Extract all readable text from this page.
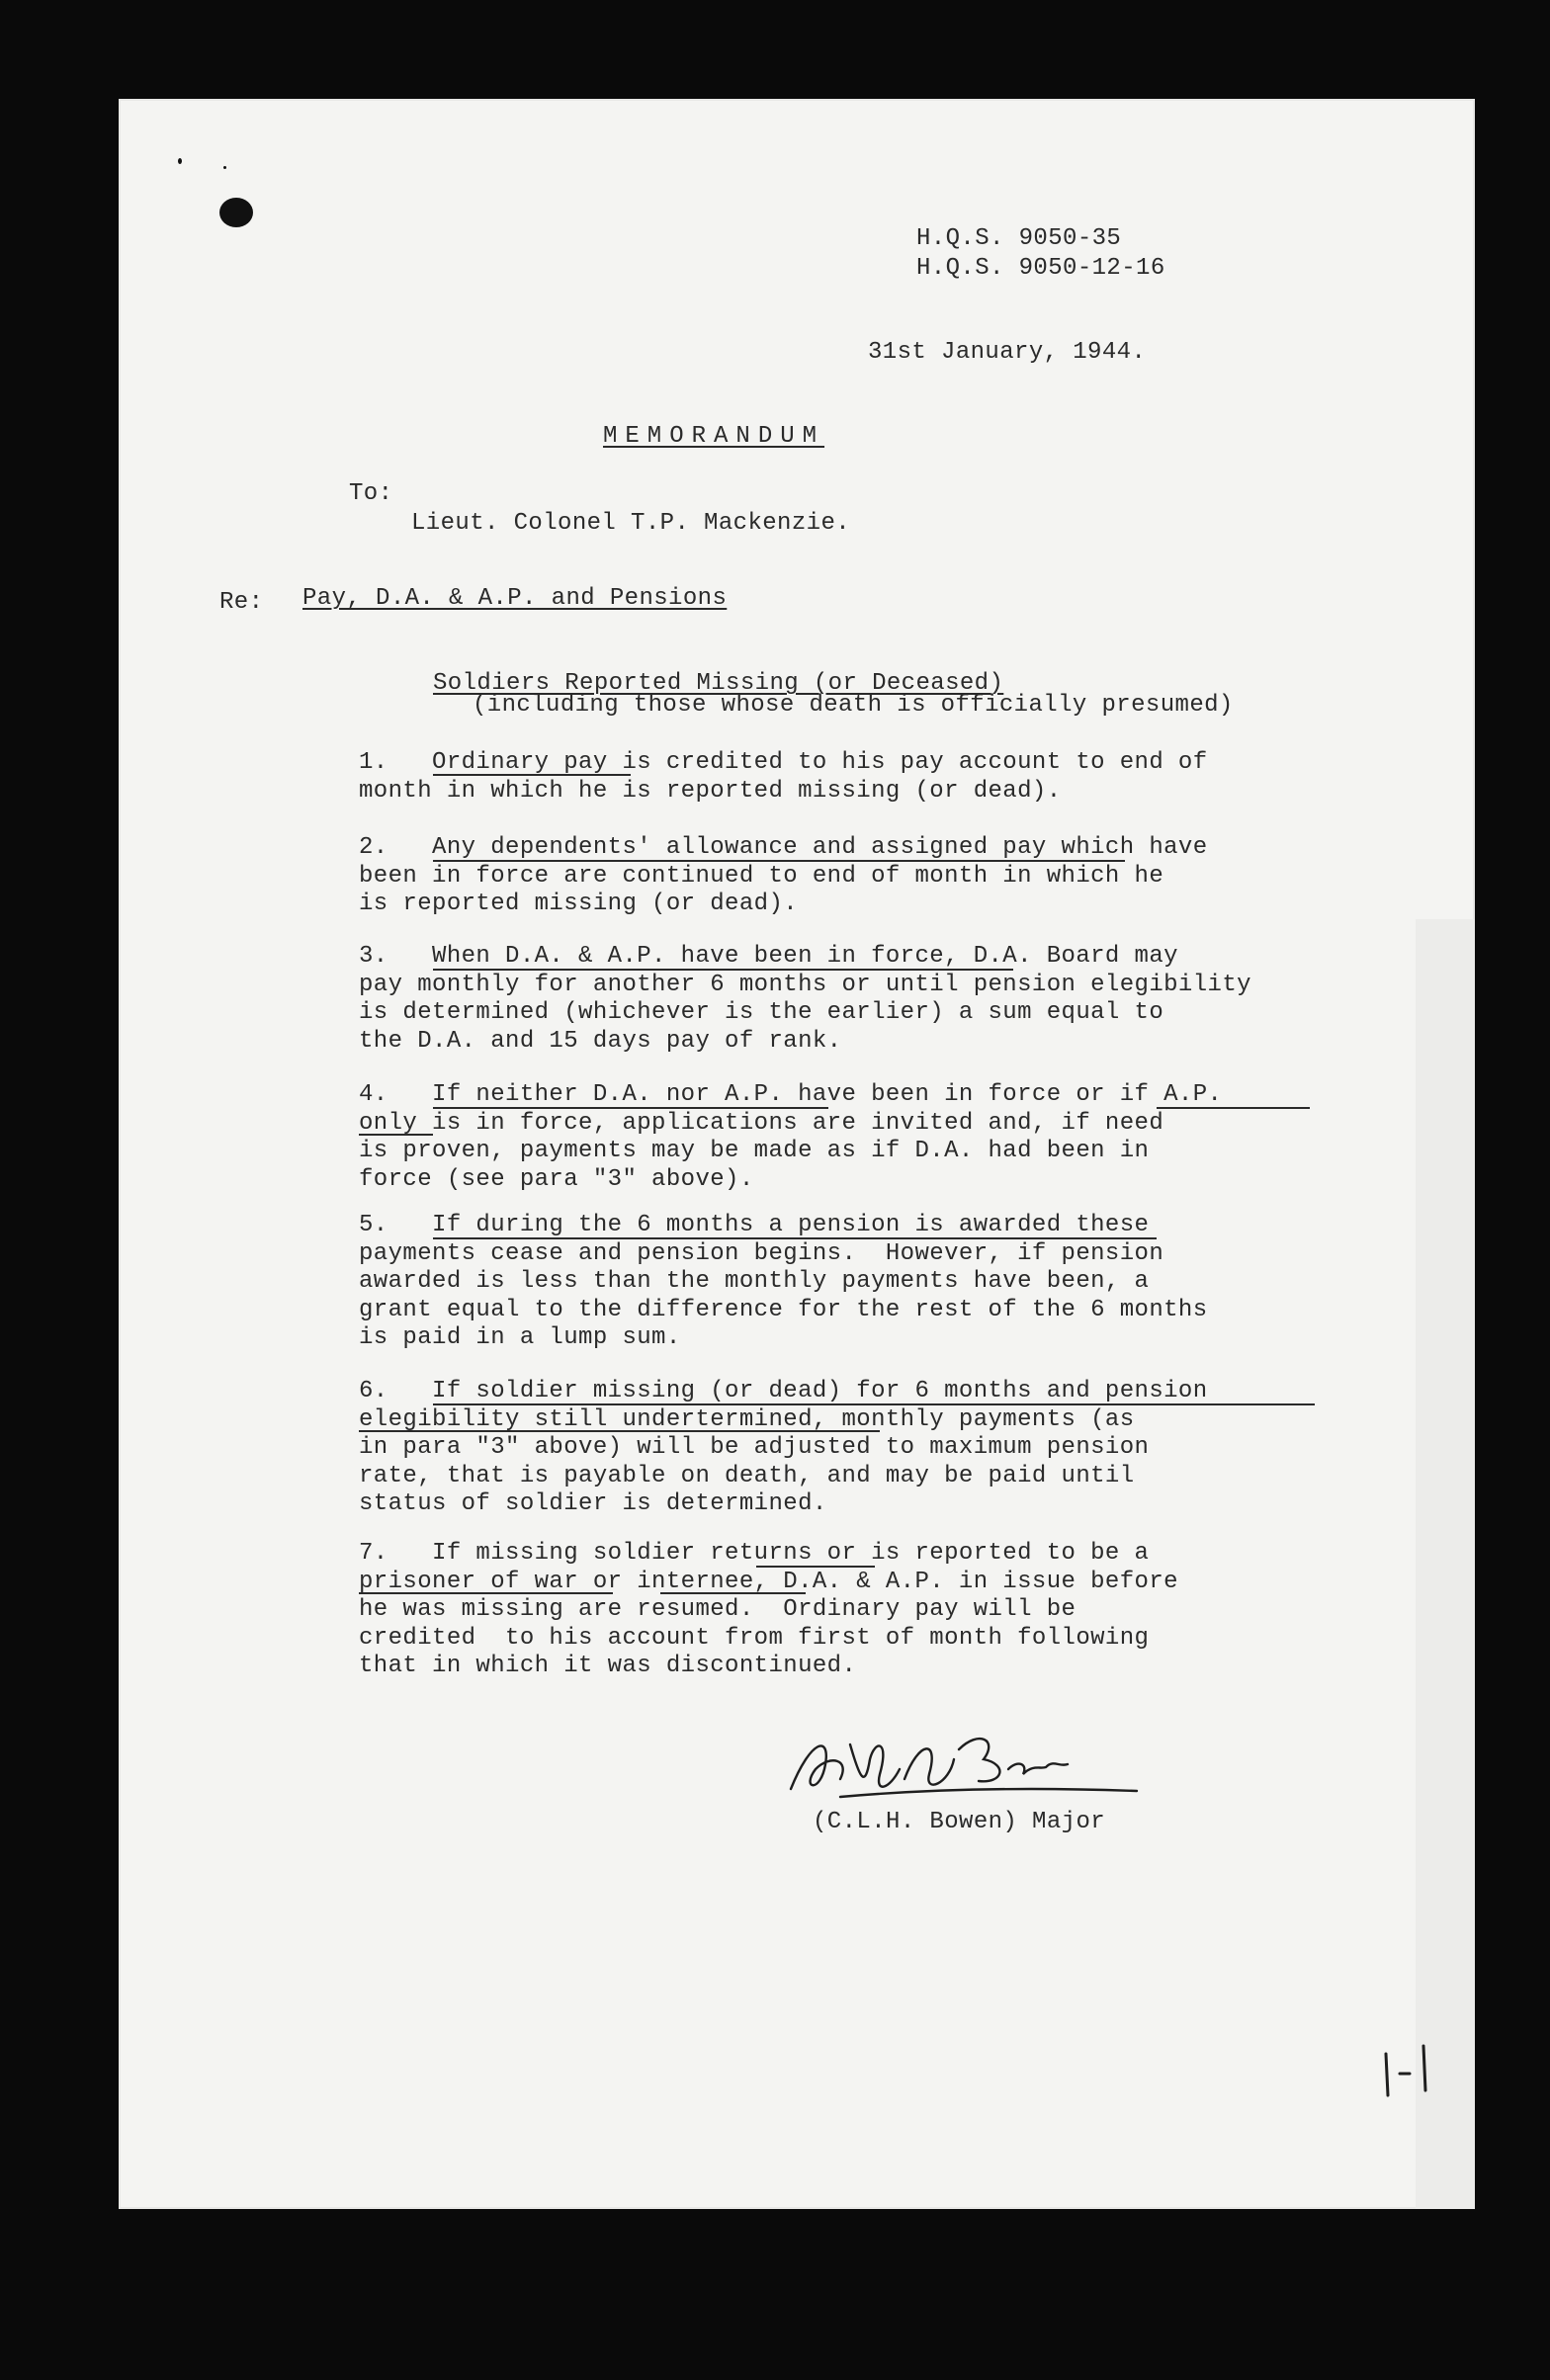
H.Q.S. 9050-35
H.Q.S. 9050-12-16
31st January, 1944.
MEMORANDUM
To:
Lieut. Colonel T.P. Mackenzie.
Re: Pay, D.A. & A.P. and Pensions
Soldiers Reported Missing (or Deceased)
(including those whose death is officially presumed)
1.   Ordinary pay is credited to his pay account to end of
month in which he is reported missing (or dead).
2.   Any dependents' allowance and assigned pay which have
been in force are continued to end of month in which he
is reported missing (or dead).
3.   When D.A. & A.P. have been in force, D.A. Board may
pay monthly for another 6 months or until pension elegibility
is determined (whichever is the earlier) a sum equal to
the D.A. and 15 days pay of rank.
4.   If neither D.A. nor A.P. have been in force or if A.P.
only is in force, applications are invited and, if need
is proven, payments may be made as if D.A. had been in
force (see para "3" above).
5.   If during the 6 months a pension is awarded these
payments cease and pension begins.  However, if pension
awarded is less than the monthly payments have been, a
grant equal to the difference for the rest of the 6 months
is paid in a lump sum.
6.   If soldier missing (or dead) for 6 months and pension
elegibility still undertermined, monthly payments (as
in para "3" above) will be adjusted to maximum pension
rate, that is payable on death, and may be paid until
status of soldier is determined.
7.   If missing soldier returns or is reported to be a
prisoner of war or internee, D.A. & A.P. in issue before
he was missing are resumed.  Ordinary pay will be
credited  to his account from first of month following
that in which it was discontinued.
(C.L.H. Bowen) Major
